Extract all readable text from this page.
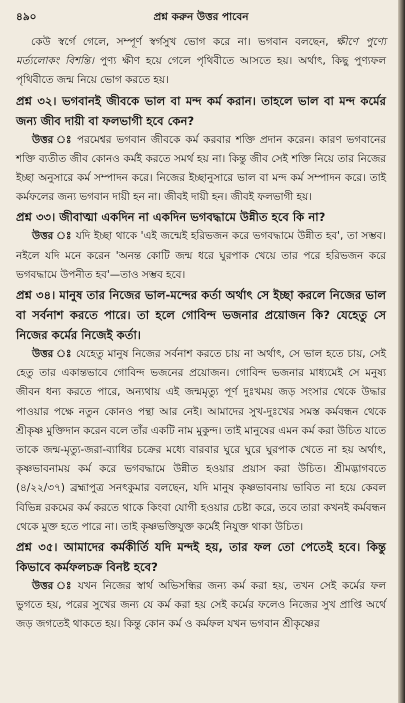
৪৯০	প্রশ্ন করুন উত্তর পাবেন

কেউ স্বর্গে গেলে, সম্পূর্ণ স্বর্গসুখ ভোগ করে না। ভগবান বলছেন, ক্ষীণে পুণ্যে মর্ত্যলোকং বিশন্তি। পুণ্য ক্ষীণ হয়ে গেলে পৃথিবীতে আসতে হয়। অর্থাৎ, কিছু পুণ্যফল পৃথিবীতে জন্ম নিয়ে ভোগ করতে হয়।

প্রশ্ন ৩২। ভগবানই জীবকে ভাল বা মন্দ কর্ম করান। তাহলে ভাল বা মন্দ কর্মের জন্য জীব দায়ী বা ফলভাগী হবে কেন?

উত্তর ঃ পরমেশ্বর ভগবান জীবকে কর্ম করবার শক্তি প্রদান করেন। কারণ ভগবানের শক্তি ব্যতীত জীব কোনও কর্মই করতে সমর্থ হয় না। কিন্তু জীব সেই শক্তি নিয়ে তার নিজের ইচ্ছা অনুসারে কর্ম সম্পাদন করে। নিজের ইচ্ছানুসারে ভাল বা মন্দ কর্ম সম্পাদন করে। তাই কর্মফলের জন্য ভগবান দায়ী হন না। জীবই দায়ী হন। জীবই ফলভাগী হয়।

প্রশ্ন ৩৩। জীবাত্মা একদিন না একদিন ভগবদ্ধামে উন্নীত হবে কি না?

উত্তর ঃ যদি ইচ্ছা থাকে 'এই জন্মেই হরিভজন করে ভগবদ্ধামে উন্নীত হব', তা সম্ভব। নইলে যদি মনে করেন 'অনন্ত কোটি জন্ম ধরে ঘুরপাক খেয়ে তার পরে হরিভজন করে ভগবদ্ধামে উপনীত হব'—তাও সম্ভব হবে।

প্রশ্ন ৩৪। মানুষ তার নিজের ভাল-মন্দের কর্তা অর্থাৎ সে ইচ্ছা করলে নিজের ভাল বা সর্বনাশ করতে পারে। তা হলে গোবিন্দ ভজনার প্রয়োজন কি? যেহেতু সে নিজের কর্মের নিজেই কর্তা।

উত্তর ঃ যেহেতু মানুষ নিজের সর্বনাশ করতে চায় না অর্থাৎ, সে ভাল হতে চায়, সেই হেতু তার একান্তভাবে গোবিন্দ ভজনের প্রয়োজন। গোবিন্দ ভজনার মাধ্যমেই সে মনুষ্য জীবন ধন্য করতে পারে, অন্যথায় এই জন্মমৃত্যু পূর্ণ দুঃখময় জড় সংসার থেকে উদ্ধার পাওয়ার পক্ষে নতুন কোনও পন্থা আর নেই। আমাদের সুখ-দুঃখের সমস্ত কর্মবন্ধন থেকে শ্রীকৃষ্ণ মুক্তিদান করেন বলে তাঁর একটি নাম মুকুন্দ। তাই মানুষের এমন কর্ম করা উচিত যাতে তাকে জন্ম-মৃত্যু-জরা-ব্যাধির চক্রের মধ্যে বারবার ঘুরে ঘুরে ঘুরপাক খেতে না হয় অর্থাৎ, কৃষ্ণভাবনাময় কর্ম করে ভগবদ্ধামে উন্নীত হওয়ার প্রয়াস করা উচিত। শ্রীমদ্ভাগবতে (৪/২২/৩৭) ব্রহ্মাপুত্র সনৎকুমার বলছেন, যদি মানুষ কৃষ্ণভাবনায় ভাবিত না হয়ে কেবল বিভিন্ন রকমের কর্ম করতে থাকে কিংবা যোগী হওয়ার চেষ্টা করে, তবে তারা কখনই কর্মবন্ধন থেকে মুক্ত হতে পারে না। তাই কৃষ্ণভক্তিযুক্ত কর্মেই নিযুক্ত থাকা উচিত।

প্রশ্ন ৩৫। আমাদের কর্মকীর্তি যদি মন্দই হয়, তার ফল তো পেতেই হবে। কিন্তু কিভাবে কর্মফলচক্র বিনষ্ট হবে?

উত্তর ঃ যখন নিজের স্বার্থ অভিসন্ধির জন্য কর্ম করা হয়, তখন সেই কর্মের ফল ভুগতে হয়, পরের সুখের জন্য যে কর্ম করা হয় সেই কর্মের ফলেও নিজের সুখ প্রাপ্তি অর্থে জড় জগতেই থাকতে হয়। কিন্তু কোন কর্ম ও কর্মফল যখন ভগবান শ্রীকৃষ্ণের
